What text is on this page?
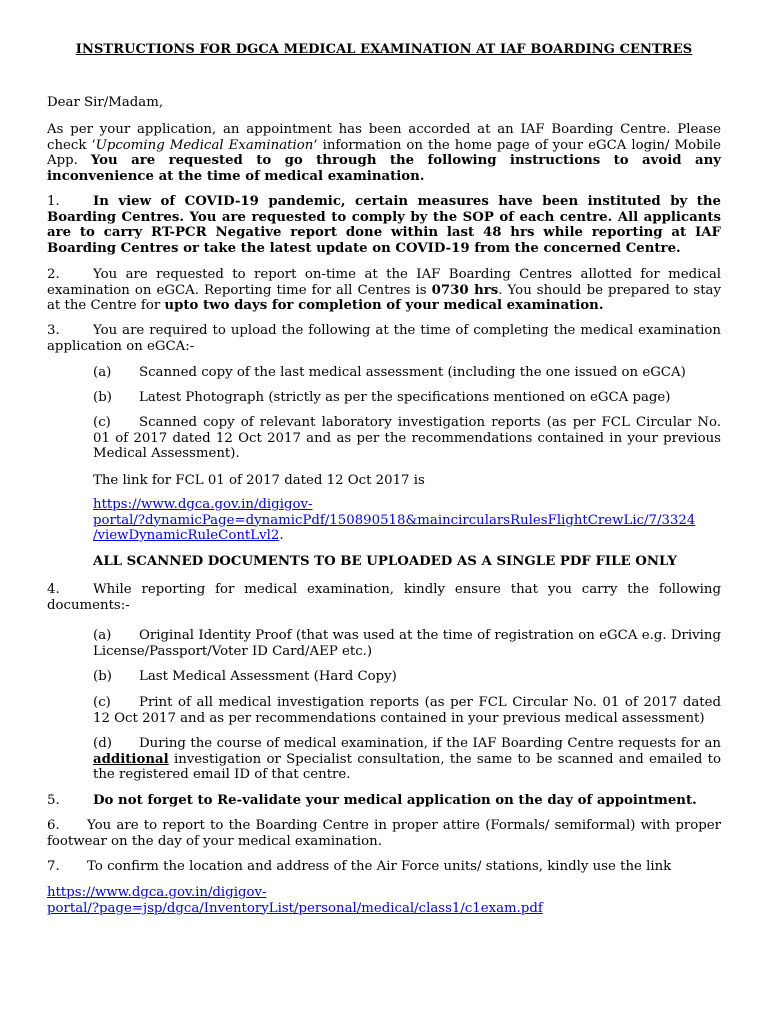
INSTRUCTIONS FOR DGCA MEDICAL EXAMINATION AT IAF BOARDING CENTRES
Dear Sir/Madam,
As per your application, an appointment has been accorded at an IAF Boarding Centre. Please check ‘Upcoming Medical Examination’ information on the home page of your eGCA login/ Mobile App. You are requested to go through the following instructions to avoid any inconvenience at the time of medical examination.
1.	In view of COVID-19 pandemic, certain measures have been instituted by the Boarding Centres. You are requested to comply by the SOP of each centre. All applicants are to carry RT-PCR Negative report done within last 48 hrs while reporting at IAF Boarding Centres or take the latest update on COVID-19 from the concerned Centre.
2.	You are requested to report on-time at the IAF Boarding Centres allotted for medical examination on eGCA. Reporting time for all Centres is 0730 hrs. You should be prepared to stay at the Centre for upto two days for completion of your medical examination.
3.	You are required to upload the following at the time of completing the medical examination application on eGCA:-
(a) Scanned copy of the last medical assessment (including the one issued on eGCA)
(b) Latest Photograph (strictly as per the specifications mentioned on eGCA page)
(c) Scanned copy of relevant laboratory investigation reports (as per FCL Circular No. 01 of 2017 dated 12 Oct 2017 and as per the recommendations contained in your previous Medical Assessment).
The link for FCL 01 of 2017 dated 12 Oct 2017 is
https://www.dgca.gov.in/digigov-
portal/?dynamicPage=dynamicPdf/150890518&maincircularsRulesFlightCrewLic/7/3324
/viewDynamicRuleContLvl2.
ALL SCANNED DOCUMENTS TO BE UPLOADED AS A SINGLE PDF FILE ONLY
4.	While reporting for medical examination, kindly ensure that you carry the following documents:-
(a) Original Identity Proof (that was used at the time of registration on eGCA e.g. Driving License/Passport/Voter ID Card/AEP etc.)
(b) Last Medical Assessment (Hard Copy)
(c) Print of all medical investigation reports (as per FCL Circular No. 01 of 2017 dated 12 Oct 2017 and as per recommendations contained in your previous medical assessment)
(d) During the course of medical examination, if the IAF Boarding Centre requests for an additional investigation or Specialist consultation, the same to be scanned and emailed to the registered email ID of that centre.
5.	Do not forget to Re-validate your medical application on the day of appointment.
6. You are to report to the Boarding Centre in proper attire (Formals/ semiformal) with proper footwear on the day of your medical examination.
7. To confirm the location and address of the Air Force units/ stations, kindly use the link
https://www.dgca.gov.in/digigov-
portal/?page=jsp/dgca/InventoryList/personal/medical/class1/c1exam.pdf
